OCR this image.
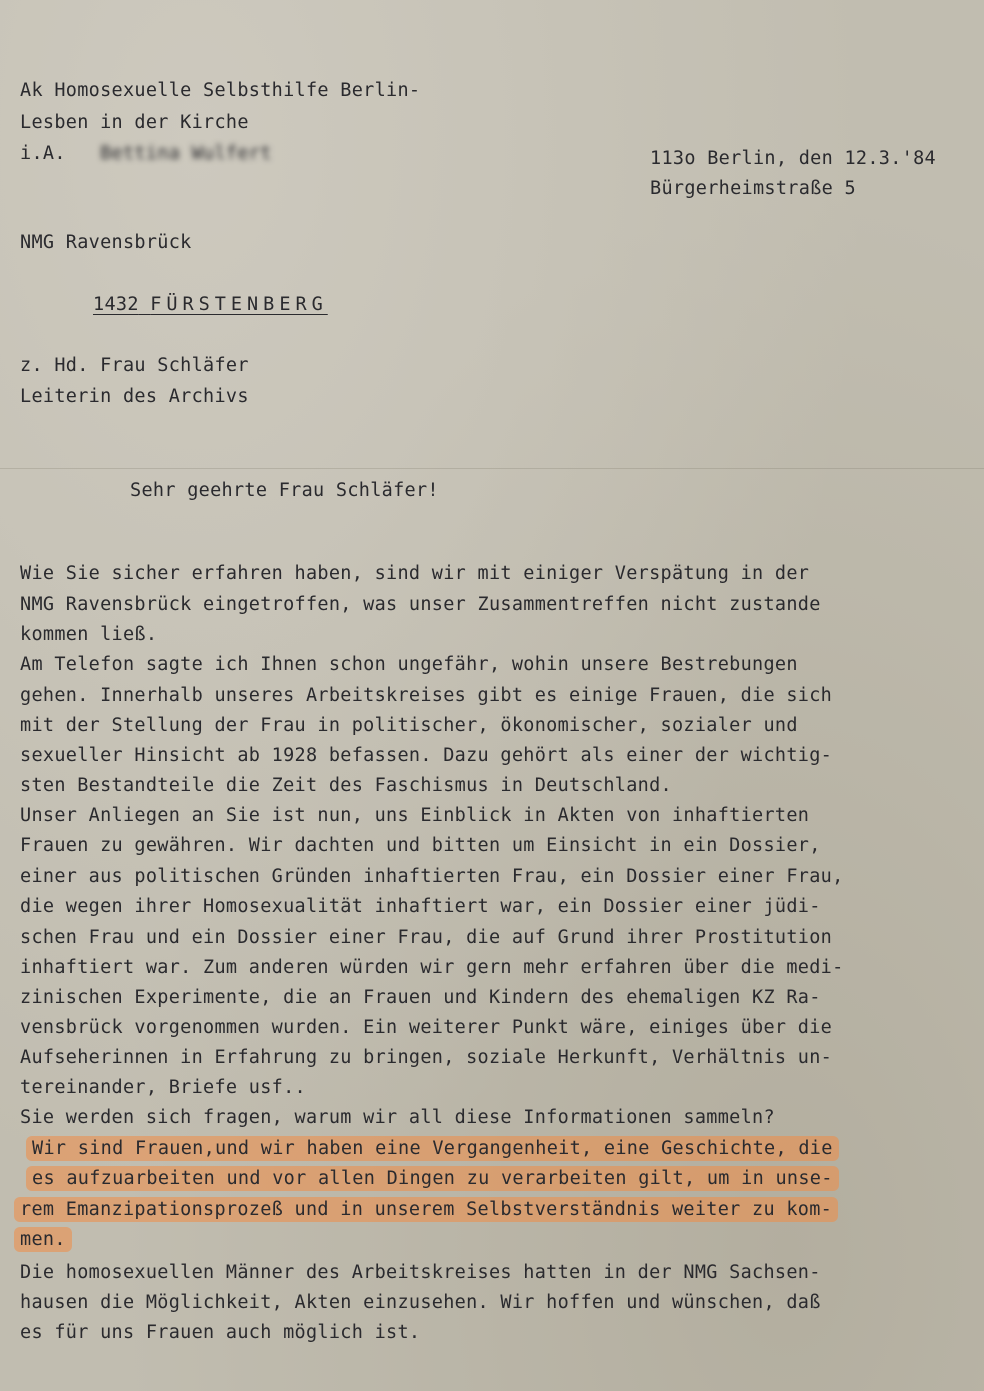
Ak Homosexuelle Selbsthilfe Berlin-
Lesben in der Kirche
i.A. Bettina Wulfert	113o Berlin, den 12.3.'84
Bürgerheimstraße 5
NMG Ravensbrück
1432 FÜRSTENBERG
z. Hd. Frau Schläfer
Leiterin des Archivs
Sehr geehrte Frau Schläfer!
Wie Sie sicher erfahren haben, sind wir mit einiger Verspätung in der
NMG Ravensbrück eingetroffen, was unser Zusammentreffen nicht zustande
kommen ließ.
Am Telefon sagte ich Ihnen schon ungefähr, wohin unsere Bestrebungen
gehen. Innerhalb unseres Arbeitskreises gibt es einige Frauen, die sich
mit der Stellung der Frau in politischer, ökonomischer, sozialer und
sexueller Hinsicht ab 1928 befassen. Dazu gehört als einer der wichtig-
sten Bestandteile die Zeit des Faschismus in Deutschland.
Unser Anliegen an Sie ist nun, uns Einblick in Akten von inhaftierten
Frauen zu gewähren. Wir dachten und bitten um Einsicht in ein Dossier,
einer aus politischen Gründen inhaftierten Frau, ein Dossier einer Frau,
die wegen ihrer Homosexualität inhaftiert war, ein Dossier einer jüdi-
schen Frau und ein Dossier einer Frau, die auf Grund ihrer Prostitution
inhaftiert war. Zum anderen würden wir gern mehr erfahren über die medi-
zinischen Experimente, die an Frauen und Kindern des ehemaligen KZ Ra-
vensbrück vorgenommen wurden. Ein weiterer Punkt wäre, einiges über die
Aufseherinnen in Erfahrung zu bringen, soziale Herkunft, Verhältnis un-
tereinander, Briefe usf..
Sie werden sich fragen, warum wir all diese Informationen sammeln?
Wir sind Frauen,und wir haben eine Vergangenheit, eine Geschichte, die
es aufzuarbeiten und vor allen Dingen zu verarbeiten gilt, um in unse-
rem Emanzipationsprozeß und in unserem Selbstverständnis weiter zu kom-
men.
Die homosexuellen Männer des Arbeitskreises hatten in der NMG Sachsen-
hausen die Möglichkeit, Akten einzusehen. Wir hoffen und wünschen, daß
es für uns Frauen auch möglich ist.
